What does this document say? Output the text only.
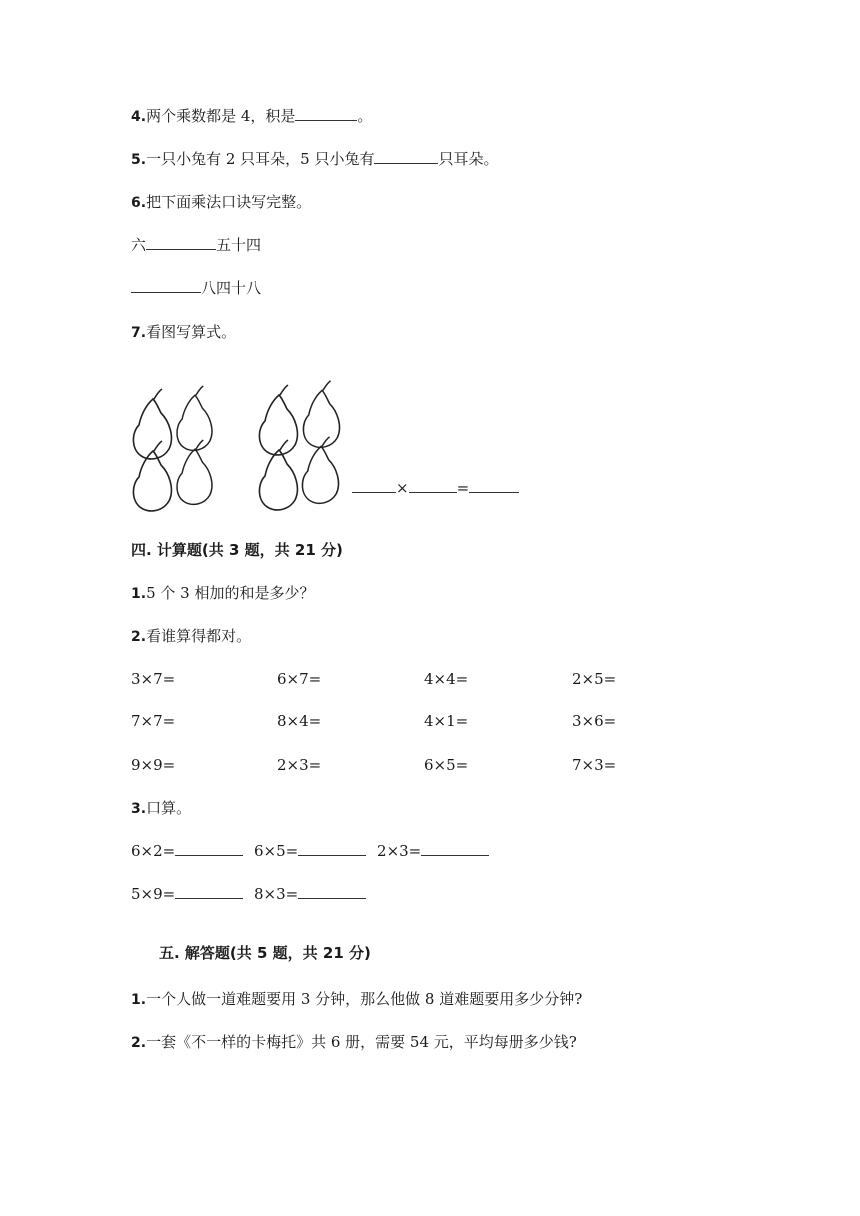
4.两个乘数都是 4，积是	。
5.一只小兔有 2 只耳朵，5 只小兔有	只耳朵。
6.把下面乘法口诀写完整。
六	五十四
八四十八
7.看图写算式。
×	=
四. 计算题(共 3 题，共 21 分)
1.5 个 3 相加的和是多少？
2.看谁算得都对。
3×7=	6×7=	4×4=	2×5=
7×7=	8×4=	4×1=	3×6=
9×9=	2×3=	6×5=	7×3=
3.口算。
6×2=	6×5=	2×3=
5×9=	8×3=
五. 解答题(共 5 题，共 21 分)
1.一个人做一道难题要用 3 分钟，那么他做 8 道难题要用多少分钟?
2.一套《不一样的卡梅托》共 6 册，需要 54 元，平均每册多少钱?
